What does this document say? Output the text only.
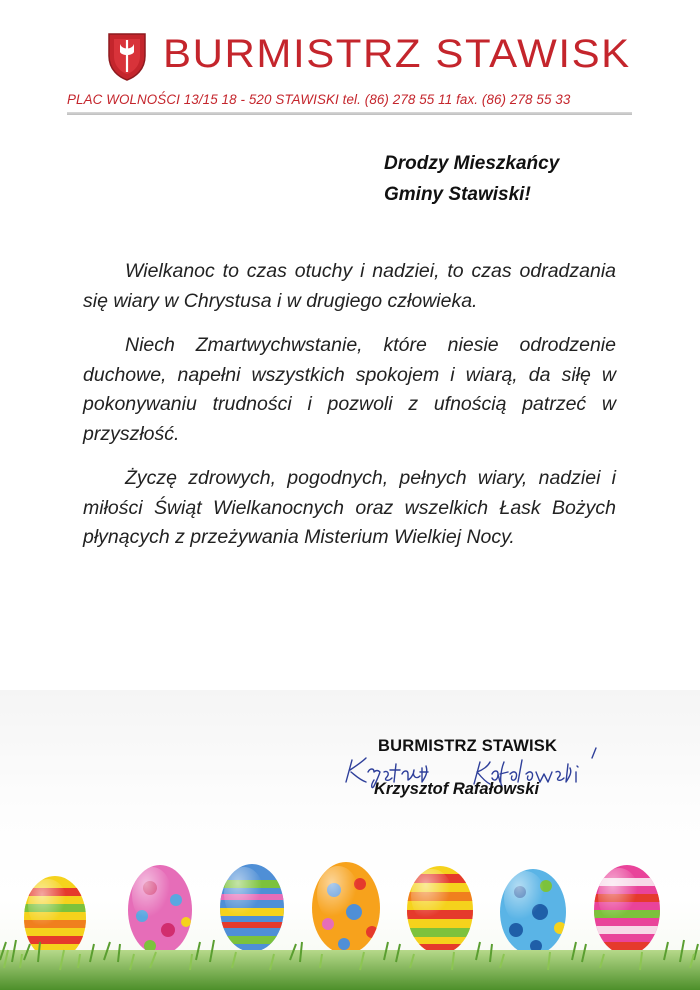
BURMISTRZ STAWISK
PLAC WOLNOŚCI 13/15 18 - 520 STAWISKI tel. (86) 278 55 11 fax. (86) 278 55 33
Drodzy Mieszkańcy
Gminy Stawiski!

Wielkanoc to czas otuchy i nadziei, to czas odradzania się wiary w Chrystusa i w drugiego człowieka.

Niech Zmartwychwstanie, które niesie odrodzenie duchowe, napełni wszystkich spokojem i wiarą, da siłę w pokonywaniu trudności i pozwoli z ufnością patrzeć w przyszłość.

Życzę zdrowych, pogodnych, pełnych wiary, nadziei i miłości Świąt Wielkanocnych oraz wszelkich Łask Bożych płynących z przeżywania Misterium Wielkiej Nocy.

BURMISTRZ STAWISK
Krzysztof Rafałowski
